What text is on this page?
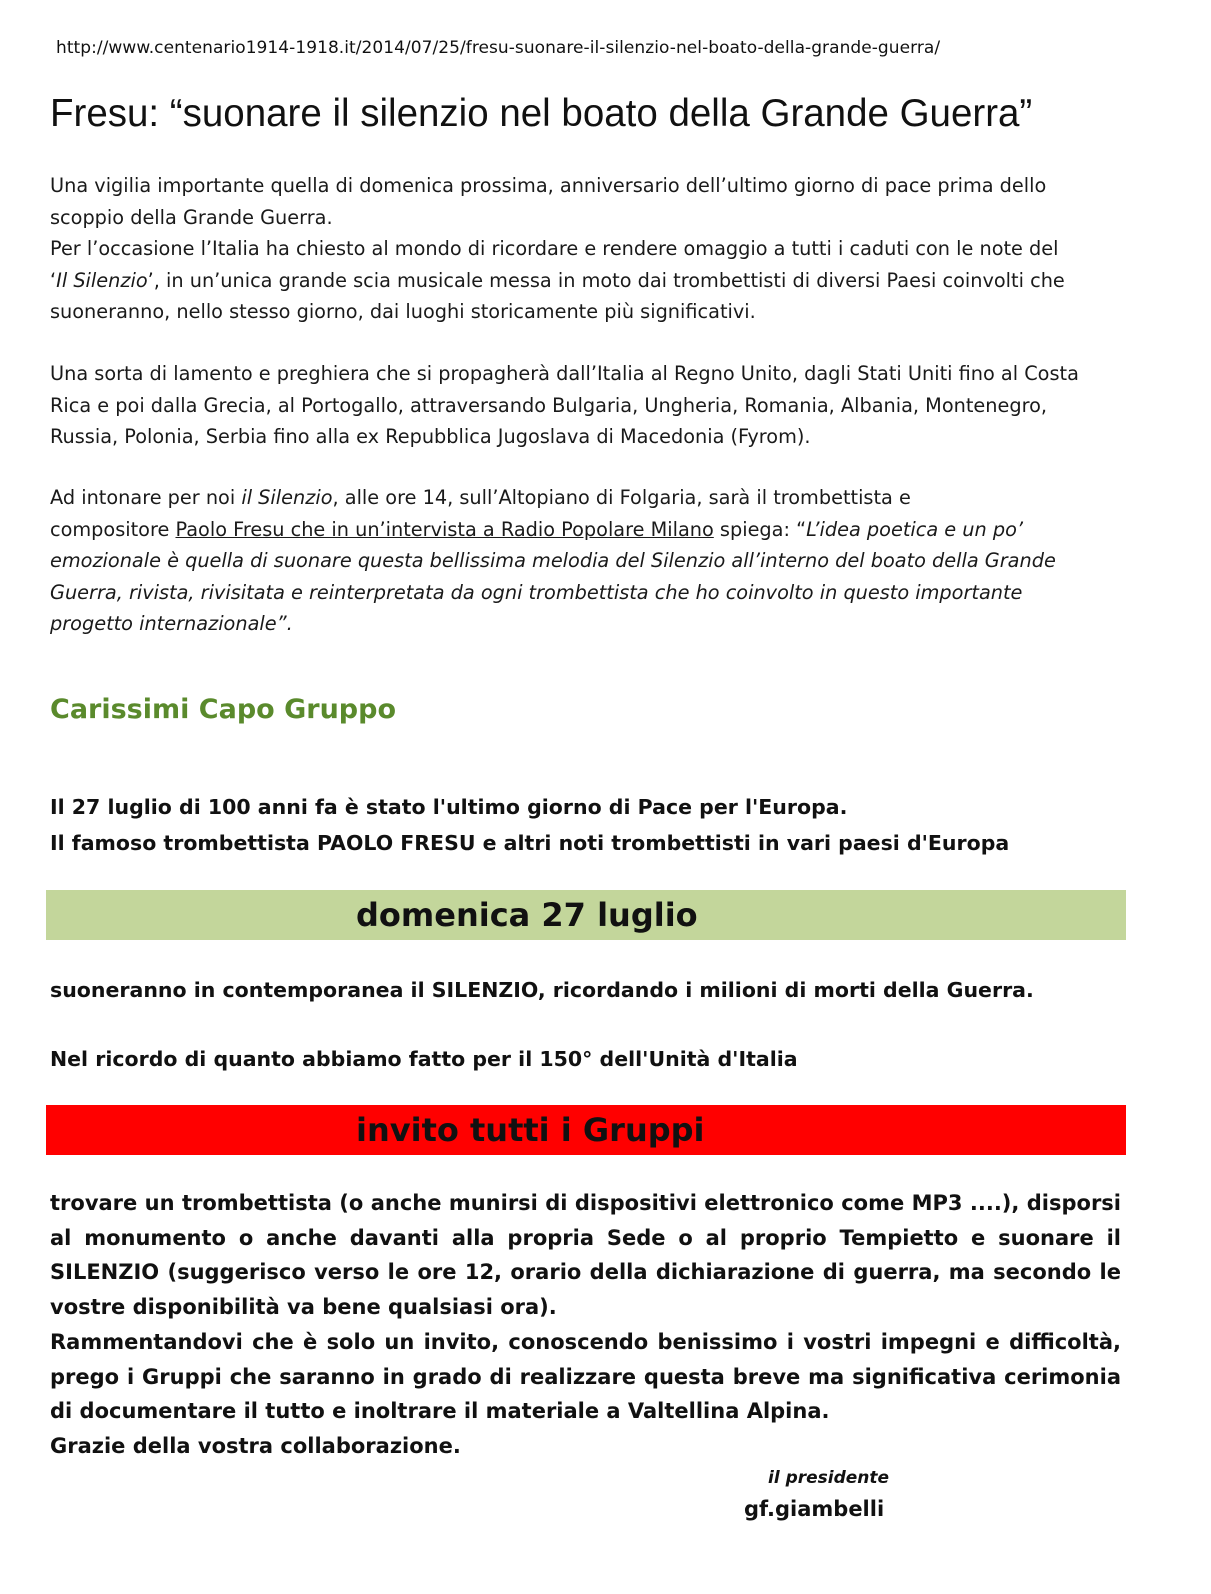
http://www.centenario1914-1918.it/2014/07/25/fresu-suonare-il-silenzio-nel-boato-della-grande-guerra/
Fresu: “suonare il silenzio nel boato della Grande Guerra”
Una vigilia importante quella di domenica prossima, anniversario dell’ultimo giorno di pace prima dello
scoppio della Grande Guerra.
Per l’occasione l’Italia ha chiesto al mondo di ricordare e rendere omaggio a tutti i caduti con le note del
‘Il Silenzio’, in un’unica grande scia musicale messa in moto dai trombettisti di diversi Paesi coinvolti che
suoneranno, nello stesso giorno, dai luoghi storicamente più significativi.
Una sorta di lamento e preghiera che si propagherà dall’Italia al Regno Unito, dagli Stati Uniti fino al Costa
Rica e poi dalla Grecia, al Portogallo, attraversando Bulgaria, Ungheria, Romania, Albania, Montenegro,
Russia, Polonia, Serbia fino alla ex Repubblica Jugoslava di Macedonia (Fyrom).
Ad intonare per noi il Silenzio, alle ore 14, sull’Altopiano di Folgaria, sarà il trombettista e
compositore Paolo Fresu che in un’intervista a Radio Popolare Milano spiega: “L’idea poetica e un po’
emozionale è quella di suonare questa bellissima melodia del Silenzio all’interno del boato della Grande
Guerra, rivista, rivisitata e reinterpretata da ogni trombettista che ho coinvolto in questo importante
progetto internazionale”.
Carissimi Capo Gruppo
Il 27 luglio di 100 anni fa è stato l'ultimo giorno di Pace per l'Europa.
Il famoso trombettista PAOLO FRESU e altri noti trombettisti in vari paesi d'Europa
domenica 27 luglio
suoneranno in contemporanea il SILENZIO, ricordando i milioni di morti della Guerra.
Nel ricordo di quanto abbiamo fatto per il 150° dell'Unità d'Italia
invito tutti i Gruppi
trovare un trombettista (o anche munirsi di dispositivi elettronico come MP3 ....), disporsi
al monumento o anche davanti alla propria Sede o al proprio Tempietto e suonare il
SILENZIO (suggerisco verso le ore 12, orario della dichiarazione di guerra, ma secondo le
vostre disponibilità va bene qualsiasi ora).
Rammentandovi che è solo un invito, conoscendo benissimo i vostri impegni e difficoltà,
prego i Gruppi che saranno in grado di realizzare questa breve ma significativa cerimonia
di documentare il tutto e inoltrare il materiale a Valtellina Alpina.
Grazie della vostra collaborazione.
il presidente
gf.giambelli
